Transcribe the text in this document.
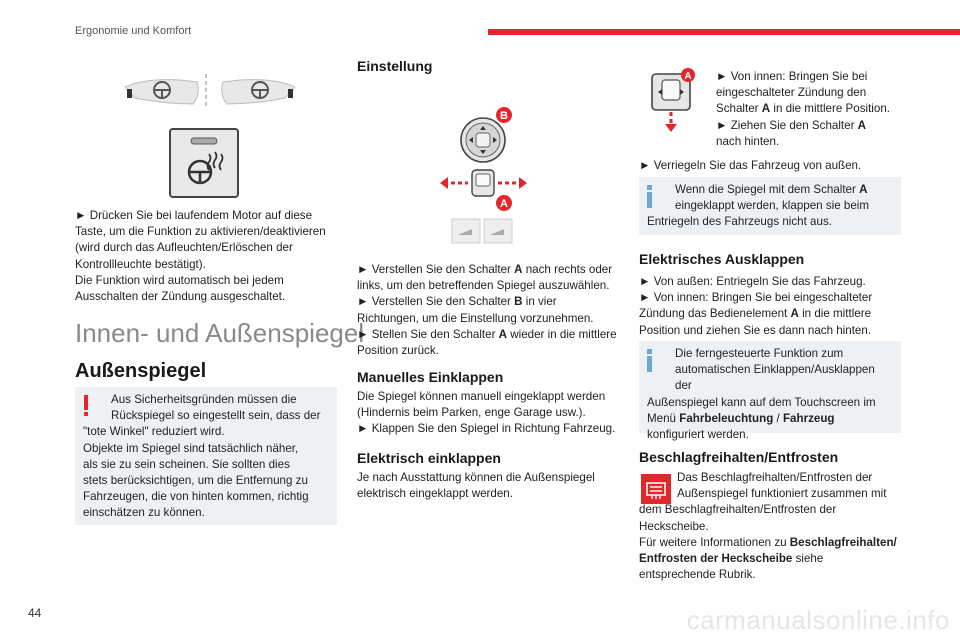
Ergonomie und Komfort
44

► Drücken Sie bei laufendem Motor auf diese

Taste, um die Funktion zu aktivieren/deaktivieren

(wird durch das Aufleuchten/Erlöschen der

Kontrollleuchte bestätigt).

Die Funktion wird automatisch bei jedem

Ausschalten der Zündung ausgeschaltet.

Innen- und Außenspiegel
Außenspiegel

Aus Sicherheitsgründen müssen die

Rückspiegel so eingestellt sein, dass der

"tote Winkel" reduziert wird.

Objekte im Spiegel sind tatsächlich näher,

als sie zu sein scheinen. Sie sollten dies

stets berücksichtigen, um die Entfernung zu

Fahrzeugen, die von hinten kommen, richtig

einschätzen zu können.

Einstellung
B
A

► Verstellen Sie den Schalter A nach rechts oder

links, um den betreffenden Spiegel auszuwählen.

► Verstellen Sie den Schalter B in vier

Richtungen, um die Einstellung vorzunehmen.

► Stellen Sie den Schalter A wieder in die mittlere

Position zurück.

Manuelles Einklappen

Die Spiegel können manuell eingeklappt werden

(Hindernis beim Parken, enge Garage usw.).

► Klappen Sie den Spiegel in Richtung Fahrzeug.

Elektrisch einklappen

Je nach Ausstattung können die Außenspiegel

elektrisch eingeklappt werden.

A ► Von innen: Bringen Sie bei

eingeschalteter Zündung den

Schalter A in die mittlere Position.

► Ziehen Sie den Schalter A

nach hinten.

► Verriegeln Sie das Fahrzeug von außen.

Wenn die Spiegel mit dem Schalter A

eingeklappt werden, klappen sie beim

Entriegeln des Fahrzeugs nicht aus.

Elektrisches Ausklappen

► Von außen: Entriegeln Sie das Fahrzeug.

► Von innen: Bringen Sie bei eingeschalteter

Zündung das Bedienelement A in die mittlere

Position und ziehen Sie es dann nach hinten.

Die ferngesteuerte Funktion zum

automatischen Einklappen/Ausklappen der

Außenspiegel kann auf dem Touchscreen im

Menü Fahrbeleuchtung / Fahrzeug

konfiguriert werden.

Beschlagfreihalten/Entfrosten

Das Beschlagfreihalten/Entfrosten der

Außenspiegel funktioniert zusammen mit

dem Beschlagfreihalten/Entfrosten der

Heckscheibe.

Für weitere Informationen zu Beschlagfreihalten/

Entfrosten der Heckscheibe siehe

entsprechende Rubrik.

carmanualsonline.info
